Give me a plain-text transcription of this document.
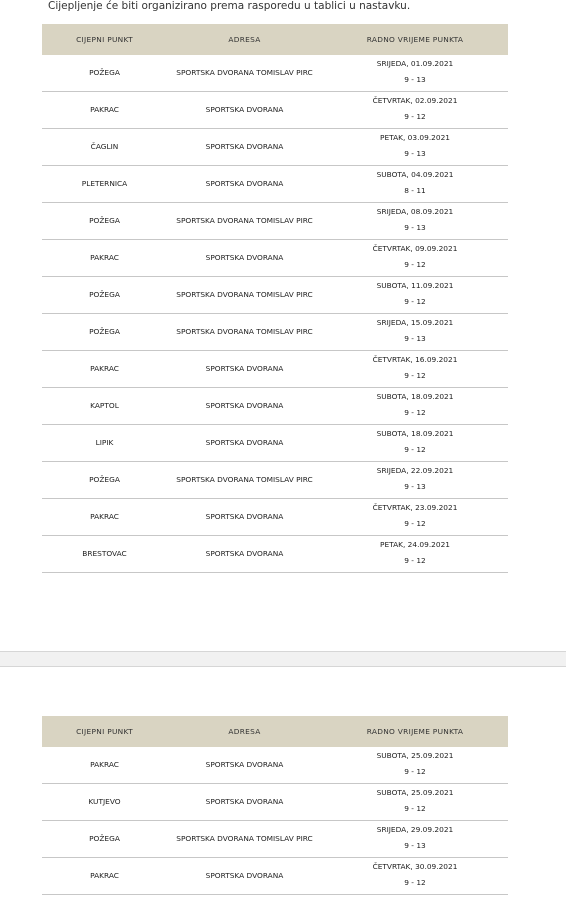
Cijepljenje će biti organizirano prema rasporedu u tablici u nastavku.
CIJEPNI PUNKT	ADRESA	RADNO VRIJEME PUNKTA
POŽEGA	SPORTSKA DVORANA TOMISLAV PIRC	SRIJEDA, 01.09.2021
9 - 13

PAKRAC	SPORTSKA DVORANA	ČETVRTAK, 02.09.2021
9 - 12

ČAGLIN	SPORTSKA DVORANA	PETAK, 03.09.2021
9 - 13

PLETERNICA	SPORTSKA DVORANA	SUBOTA, 04.09.2021
8 - 11

POŽEGA	SPORTSKA DVORANA TOMISLAV PIRC	SRIJEDA, 08.09.2021
9 - 13

PAKRAC	SPORTSKA DVORANA	ČETVRTAK, 09.09.2021
9 - 12

POŽEGA	SPORTSKA DVORANA TOMISLAV PIRC	SUBOTA, 11.09.2021
9 - 12

POŽEGA	SPORTSKA DVORANA TOMISLAV PIRC	SRIJEDA, 15.09.2021
9 - 13

PAKRAC	SPORTSKA DVORANA	ČETVRTAK, 16.09.2021
9 - 12

KAPTOL	SPORTSKA DVORANA	SUBOTA, 18.09.2021
9 - 12

LIPIK	SPORTSKA DVORANA	SUBOTA, 18.09.2021
9 - 12

POŽEGA	SPORTSKA DVORANA TOMISLAV PIRC	SRIJEDA, 22.09.2021
9 - 13

PAKRAC	SPORTSKA DVORANA	ČETVRTAK, 23.09.2021
9 - 12

BRESTOVAC	SPORTSKA DVORANA	PETAK, 24.09.2021
9 - 12
CIJEPNI PUNKT	ADRESA	RADNO VRIJEME PUNKTA
PAKRAC	SPORTSKA DVORANA	SUBOTA, 25.09.2021
9 - 12

KUTJEVO	SPORTSKA DVORANA	SUBOTA, 25.09.2021
9 - 12

POŽEGA	SPORTSKA DVORANA TOMISLAV PIRC	SRIJEDA, 29.09.2021
9 - 13

PAKRAC	SPORTSKA DVORANA	ČETVRTAK, 30.09.2021
9 - 12
